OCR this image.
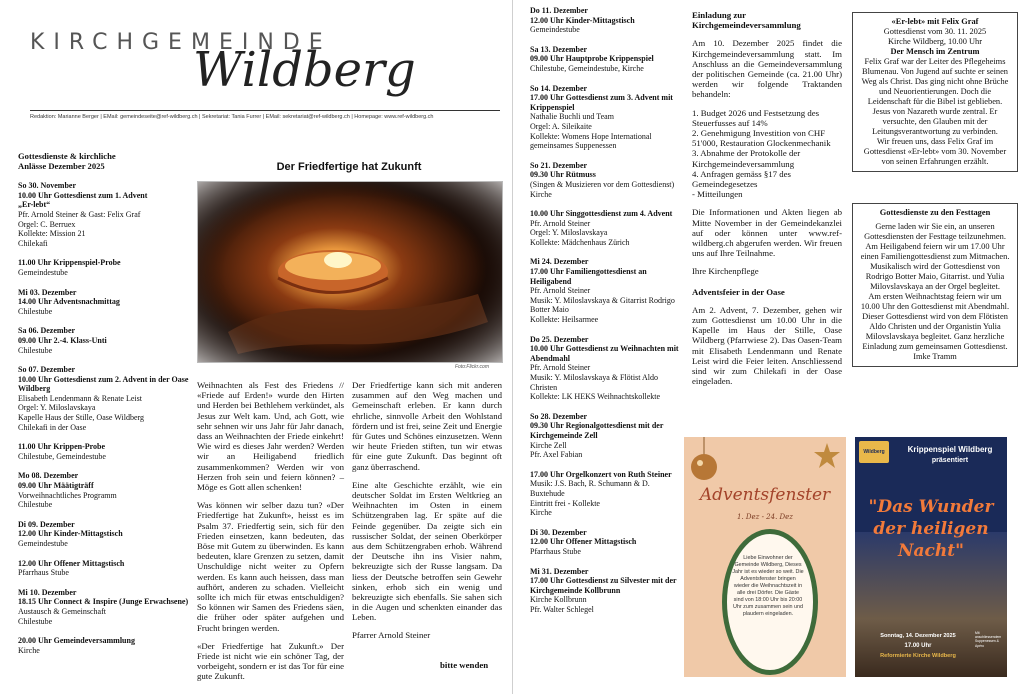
KIRCHGEMEINDE
Wildberg
Redaktion: Marianne Berger | EMail: gemeindeseite@ref-wildberg.ch | Sekretariat: Tania Furrer | EMail: sekretariat@ref-wildberg.ch | Homepage: www.ref-wildberg.ch
Gottesdienste & kirchliche
Anlässe Dezember 2025
So 30. November
10.00 Uhr Gottesdienst zum 1. Advent
„Er-lebt“
Pfr. Arnold Steiner & Gast: Felix Graf
Orgel: C. Berruex
Kollekte: Mission 21
Chilekafi
11.00 Uhr Krippenspiel-Probe
Gemeindestube
Mi 03. Dezember
14.00 Uhr Adventsnachmittag
Chilestube
Sa 06. Dezember
09.00 Uhr 2.-4. Klass-Unti
Chilestube
So 07. Dezember
10.00 Uhr Gottesdienst zum 2. Advent in der Oase Wildberg
Elisabeth Lendenmann & Renate Leist
Orgel: Y. Miloslavskaya
Kapelle Haus der Stille, Oase Wildberg
Chilekafi in der Oase
11.00 Uhr Krippen-Probe
Chilestube, Gemeindestube
Mo 08. Dezember
09.00 Uhr Määtigträff
Vorweihnachtliches Programm
Chilestube
Di 09. Dezember
12.00 Uhr Kinder-Mittagstisch
Gemeindestube
12.00 Uhr Offener Mittagstisch
Pfarrhaus Stube
Mi 10. Dezember
18.15 Uhr Connect & Inspire (Junge Erwachsene)
Austausch & Gemeinschaft
Chilestube
20.00 Uhr Gemeindeversammlung
Kirche
Der Friedfertige hat Zukunft
Foto:Flickr.com

Weihnachten als Fest des Friedens // «Friede auf Erden!» wurde den Hirten und Herden bei Bethlehem verkündet, als Jesus zur Welt kam. Und, ach Gott, wie sehr sehnen wir uns Jahr für Jahr danach, dass an Weihnachten der Friede einkehrt! Wie wird es dieses Jahr werden? Werden wir an Heiligabend friedlich zusammenkommen? Werden wir von Herzen froh sein und feiern können? – Möge es Gott allen schenken!

Was können wir selber dazu tun? «Der Friedfertige hat Zukunft», heisst es im Psalm 37. Friedfertig sein, sich für den Frieden einsetzen, kann bedeuten, das Böse mit Gutem zu überwinden. Es kann bedeuten, klare Grenzen zu setzen, damit Unschuldige nicht weiter zu Opfern werden. Es kann auch heissen, dass man aufhört, anderen zu schaden. Vielleicht sollte ich mich für etwas entschuldigen? So können wir Samen des Friedens säen, die früher oder später aufgehen und Frucht bringen werden.

«Der Friedfertige hat Zukunft.» Der Friede ist nicht wie ein schöner Tag, der vorbeigeht, sondern er ist das Tor für eine gute Zukunft.

Der Friedfertige kann sich mit anderen zusammen auf den Weg machen und Gemeinschaft erleben. Er kann durch ehrliche, sinnvolle Arbeit den Wohlstand fördern und ist frei, seine Zeit und Energie für Gutes und Schönes einzusetzen. Wenn wir heute Frieden stiften, tun wir etwas für eine gute Zukunft. Das beginnt oft ganz überraschend.

Eine alte Geschichte erzählt, wie ein deutscher Soldat im Ersten Weltkrieg an Weihnachten im Osten in einem Schützengraben lag. Er späte auf die Feinde gegenüber. Da zeigte sich ein russischer Soldat, der seinen Oberkörper aus dem Schützengraben erhob. Während der Deutsche ihn ins Visier nahm, bekreuzigte sich der Russe langsam. Da liess der Deutsche betroffen sein Gewehr sinken, erhob sich ein wenig und bekreuzigte sich ebenfalls. Sie sahen sich in die Augen und schenkten einander das Leben.

Pfarrer Arnold Steiner
bitte wenden
Do 11. Dezember
12.00 Uhr Kinder-Mittagstisch
Gemeindestube
Sa 13. Dezember
09.00 Uhr Hauptprobe Krippenspiel
Chilestube, Gemeindestube, Kirche
So 14. Dezember
17.00 Uhr Gottesdienst zum 3. Advent mit Krippenspiel
Nathalie Buchli und Team
Orgel: A. Sileikaite
Kollekte: Womens Hope International
gemeinsames Suppenessen
So 21. Dezember
09.30 Uhr Rütmuss
(Singen & Musizieren vor dem Gottesdienst)
Kirche
10.00 Uhr Singgottesdienst zum 4. Advent
Pfr. Arnold Steiner
Orgel: Y. Miloslavskaya
Kollekte: Mädchenhaus Zürich
Mi 24. Dezember
17.00 Uhr Familiengottesdienst an Heiligabend
Pfr. Arnold Steiner
Musik: Y. Miloslavskaya & Gitarrist Rodrigo Botter Maio
Kollekte: Heilsarmee
Do 25. Dezember
10.00 Uhr Gottesdienst zu Weihnachten mit Abendmahl
Pfr. Arnold Steiner
Musik: Y. Miloslavskaya & Flötist Aldo Christen
Kollekte: LK HEKS Weihnachtskollekte
So 28. Dezember
09.30 Uhr Regionalgottesdienst mit der Kirchgemeinde Zell
Kirche Zell
Pfr. Axel Fabian
17.00 Uhr Orgelkonzert von Ruth Steiner
Musik: J.S. Bach, R. Schumann & D. Buxtehude
Eintritt frei - Kollekte
Kirche
Di 30. Dezember
12.00 Uhr Offener Mittagstisch
Pfarrhaus Stube
Mi 31. Dezember
17.00 Uhr Gottesdienst zu Silvester mit der Kirchgemeinde Kollbrunn
Kirche Kollbrunn
Pfr. Walter Schlegel
Einladung zur Kirchgemeindeversammlung
Am 10. Dezember 2025 findet die Kirchgemeindeversammlung statt. Im Anschluss an die Gemeindeversammlung der politischen Gemeinde (ca. 21.00 Uhr) werden wir folgende Traktanden behandeln:
1. Budget 2026 und Festsetzung des Steuerfusses auf 14%
2. Genehmigung Investition von CHF 51'000, Restauration Glockenmechanik
3. Abnahme der Protokolle der Kirchgemeindeversammlung
4. Anfragen gemäss §17 des Gemeindegesetzes
- Mitteilungen
Die Informationen und Akten liegen ab Mitte November in der Gemeindekanzlei auf oder können unter www.ref-wildberg.ch abgerufen werden. Wir freuen uns auf Ihre Teilnahme.
Ihre Kirchenpflege
Adventsfeier in der Oase
Am 2. Advent, 7. Dezember, gehen wir zum Gottesdienst um 10.00 Uhr in die Kapelle im Haus der Stille, Oase Wildberg (Pfarrwiese 2). Das Oasen-Team mit Elisabeth Lendenmann und Renate Leist wird die Feier leiten. Anschliessend sind wir zum Chilekafi in der Oase eingeladen.

«Er-lebt» mit Felix Graf

Gottesdienst vom 30. 11. 2025

Kirche Wildberg, 10.00 Uhr

Der Mensch im Zentrum

Felix Graf war der Leiter des Pflegeheims Blumenau. Von Jugend auf suchte er seinen Weg als Christ. Das ging nicht ohne Brüche und Neuorientierungen. Doch die Leidenschaft für die Bibel ist geblieben. Jesus von Nazareth wurde zentral. Er versuchte, den Glauben mit der Leitungsverantwortung zu verbinden.

Wir freuen uns, dass Felix Graf im Gottesdienst «Er-lebt» vom 30. November von seinen Erfahrungen erzählt.

Gottesdienste zu den Festtagen

Gerne laden wir Sie ein, an unseren Gottesdiensten der Festtage teilzunehmen.

Am Heiligabend feiern wir um 17.00 Uhr einen Familiengottesdienst zum Mitmachen.

Musikalisch wird der Gottesdienst von Rodrigo Botter Maio, Gitarrist. und Yulia Milovslavskaya an der Orgel begleitet.

Am ersten Weihnachtstag feiern wir um 10.00 Uhr den Gottesdienst mit Abendmahl.

Dieser Gottesdienst wird von dem Flötisten Aldo Christen und der Organistin Yulia Milovslavskaya begleitet. Ganz herzliche Einladung zum gemeinsamen Gottesdienst.

Imke Tramm

Adventsfenster
1. Dez - 24. Dez
Liebe Einwohner der Gemeinde Wildberg, Dieses Jahr ist es wieder so weit. Die Adventsfenster bringen wieder die Weihnachtszeit in alle drei Dörfer. Die Gäste sind von 18:00 Uhr bis 20:00 Uhr zum zusammen sein und plaudern eingeladen.
Wildberg	Krippenspiel Wildberg
präsentiert
"Das Wunder
der heiligen
Nacht"
Sonntag, 14. Dezember 2025
17.00 Uhr
Reformierte Kirche Wildberg
Mit anschliessendem Suppenessen & Apéro
